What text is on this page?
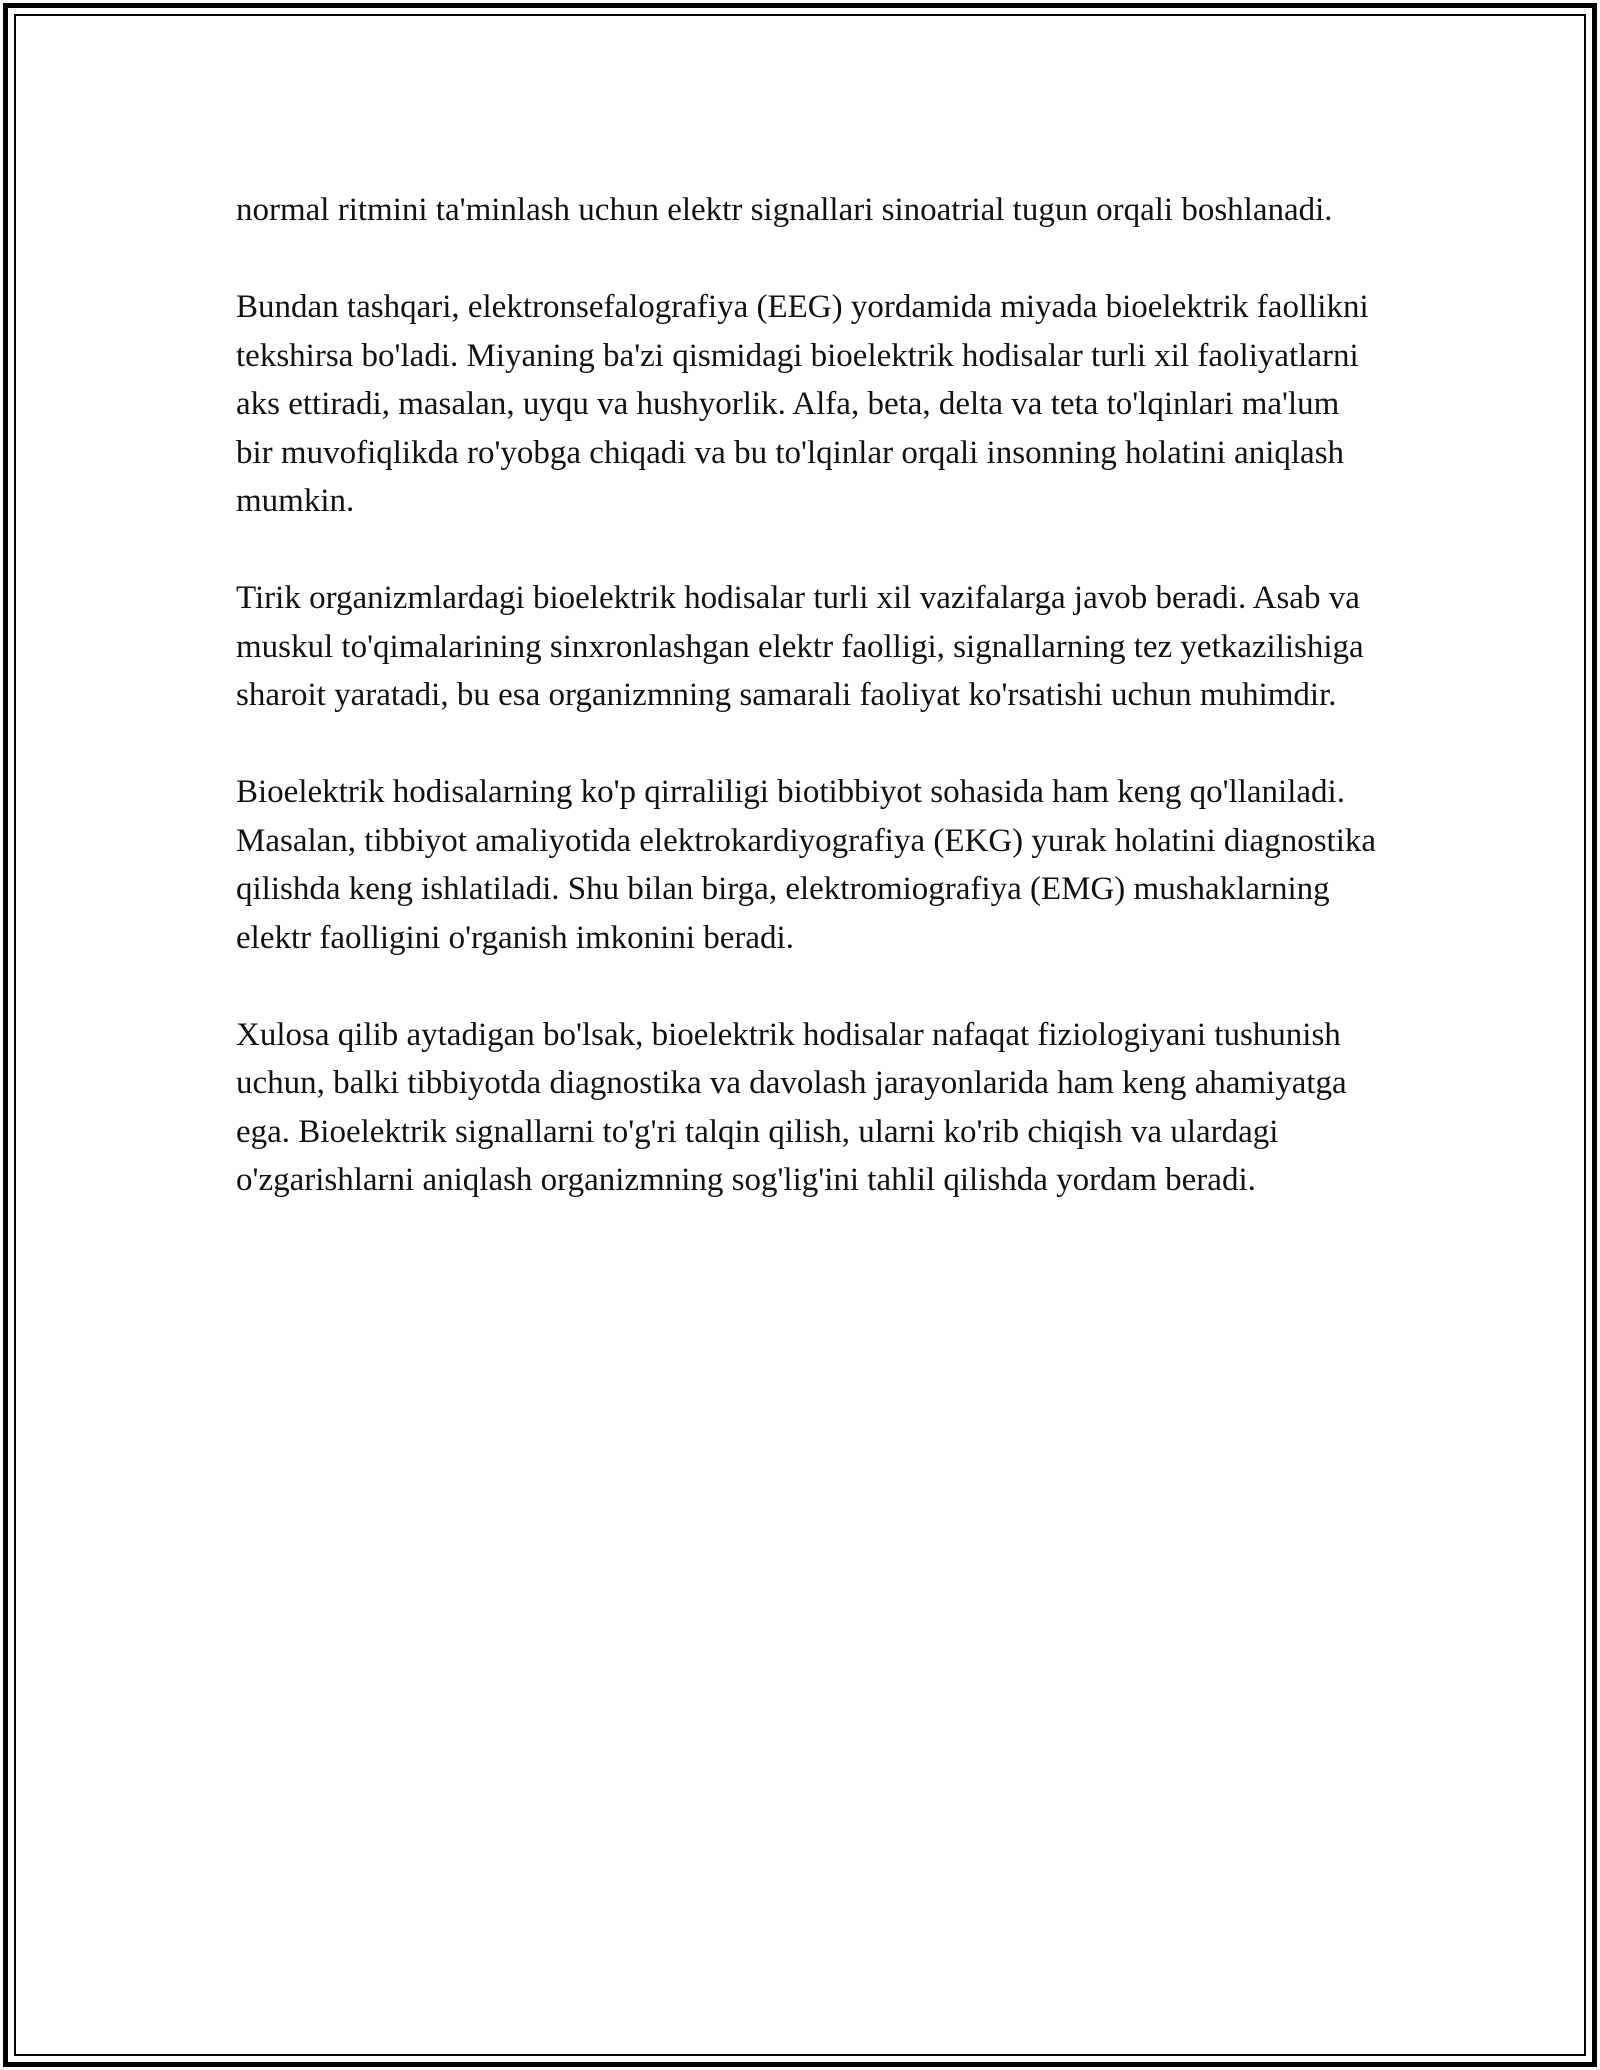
normal ritmini ta'minlash uchun elektr signallari sinoatrial tugun orqali boshlanadi.

Bundan tashqari, elektronsefalografiya (EEG) yordamida miyada bioelektrik faollikni tekshirsa bo'ladi. Miyaning ba'zi qismidagi bioelektrik hodisalar turli xil faoliyatlarni aks ettiradi, masalan, uyqu va hushyorlik. Alfa, beta, delta va teta to'lqinlari ma'lum bir muvofiqlikda ro'yobga chiqadi va bu to'lqinlar orqali insonning holatini aniqlash mumkin.

Tirik organizmlardagi bioelektrik hodisalar turli xil vazifalarga javob beradi. Asab va muskul to'qimalarining sinxronlashgan elektr faolligi, signallarning tez yetkazilishiga sharoit yaratadi, bu esa organizmning samarali faoliyat ko'rsatishi uchun muhimdir.

Bioelektrik hodisalarning ko'p qirraliligi biotibbiyot sohasida ham keng qo'llaniladi. Masalan, tibbiyot amaliyotida elektrokardiyografiya (EKG) yurak holatini diagnostika qilishda keng ishlatiladi. Shu bilan birga, elektromiografiya (EMG) mushaklarning elektr faolligini o'rganish imkonini beradi.

Xulosa qilib aytadigan bo'lsak, bioelektrik hodisalar nafaqat fiziologiyani tushunish uchun, balki tibbiyotda diagnostika va davolash jarayonlarida ham keng ahamiyatga ega. Bioelektrik signallarni to'g'ri talqin qilish, ularni ko'rib chiqish va ulardagi o'zgarishlarni aniqlash organizmning sog'lig'ini tahlil qilishda yordam beradi.
